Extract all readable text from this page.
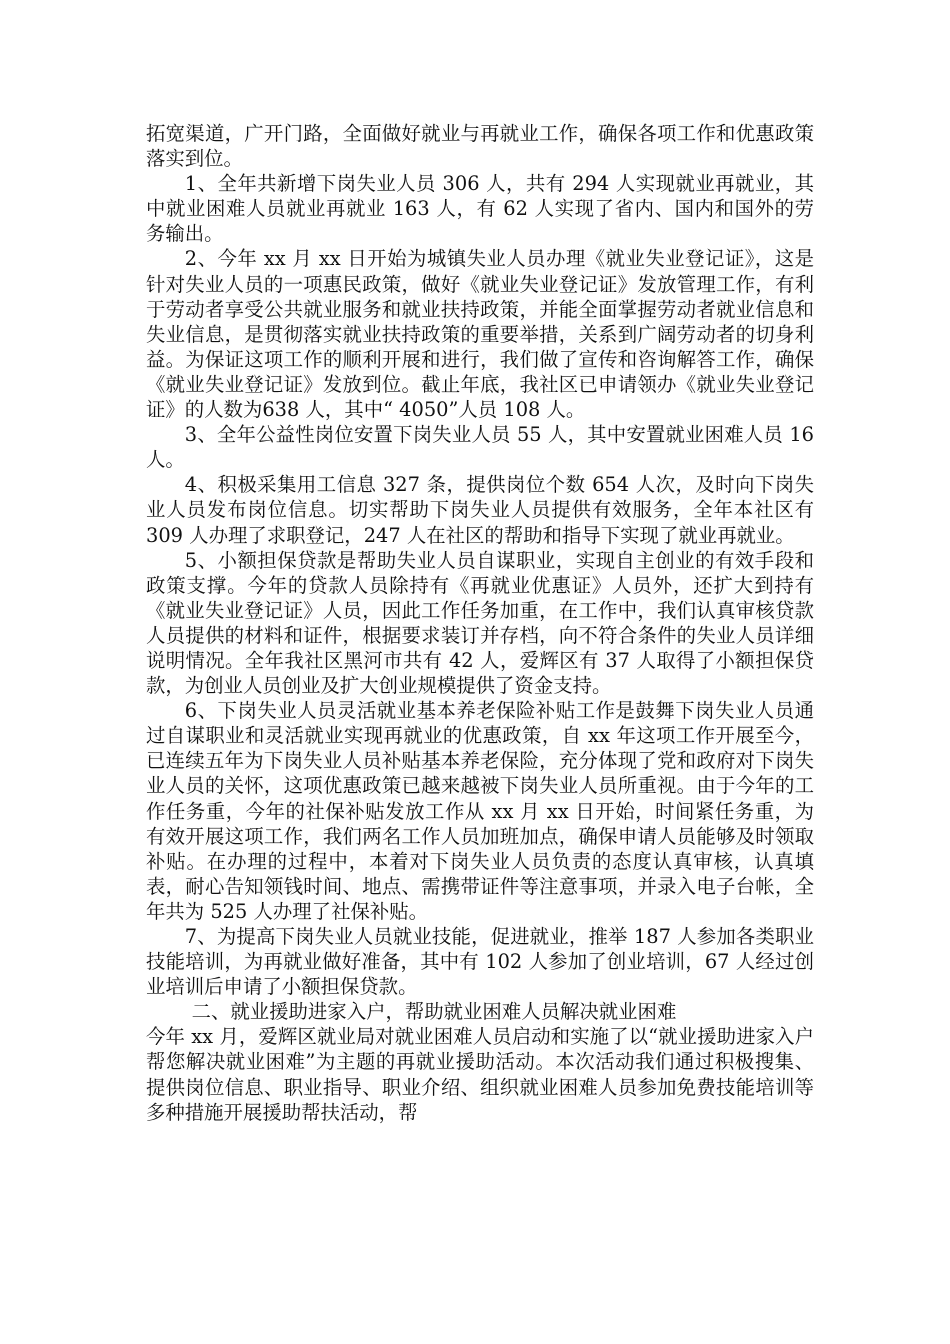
拓宽渠道，广开门路，全面做好就业与再就业工作，确保各项工作和优惠政策落实到位。

1、全年共新增下岗失业人员 306 人，共有 294 人实现就业再就业，其中就业困难人员就业再就业 163 人，有 62 人实现了省内、国内和国外的劳务输出。

2、今年 xx 月 xx 日开始为城镇失业人员办理《就业失业登记证》，这是针对失业人员的一项惠民政策，做好《就业失业登记证》发放管理工作，有利于劳动者享受公共就业服务和就业扶持政策，并能全面掌握劳动者就业信息和失业信息，是贯彻落实就业扶持政策的重要举措，关系到广阔劳动者的切身利益。为保证这项工作的顺利开展和进行，我们做了宣传和咨询解答工作，确保《就业失业登记证》发放到位。截止年底，我社区已申请领办《就业失业登记证》的人数为638 人，其中“ 4050”人员 108 人。

3、全年公益性岗位安置下岗失业人员 55 人，其中安置就业困难人员 16 人。

4、积极采集用工信息 327 条，提供岗位个数 654 人次，及时向下岗失业人员发布岗位信息。切实帮助下岗失业人员提供有效服务，全年本社区有 309 人办理了求职登记，247 人在社区的帮助和指导下实现了就业再就业。

5、小额担保贷款是帮助失业人员自谋职业，实现自主创业的有效手段和政策支撑。今年的贷款人员除持有《再就业优惠证》人员外，还扩大到持有《就业失业登记证》人员，因此工作任务加重，在工作中，我们认真审核贷款人员提供的材料和证件，根据要求装订并存档，向不符合条件的失业人员详细说明情况。全年我社区黑河市共有 42 人，爱辉区有 37 人取得了小额担保贷款，为创业人员创业及扩大创业规模提供了资金支持。

6、下岗失业人员灵活就业基本养老保险补贴工作是鼓舞下岗失业人员通过自谋职业和灵活就业实现再就业的优惠政策，自 xx 年这项工作开展至今，已连续五年为下岗失业人员补贴基本养老保险，充分体现了党和政府对下岗失业人员的关怀，这项优惠政策已越来越被下岗失业人员所重视。由于今年的工作任务重，今年的社保补贴发放工作从 xx 月 xx 日开始，时间紧任务重，为有效开展这项工作，我们两名工作人员加班加点，确保申请人员能够及时领取补贴。在办理的过程中，本着对下岗失业人员负责的态度认真审核，认真填表，耐心告知领钱时间、地点、需携带证件等注意事项，并录入电子台帐，全年共为 525 人办理了社保补贴。

7、为提高下岗失业人员就业技能，促进就业，推举 187 人参加各类职业技能培训，为再就业做好准备，其中有 102 人参加了创业培训，67 人经过创业培训后申请了小额担保贷款。

二、就业援助进家入户，帮助就业困难人员解决就业困难

今年 xx 月，爱辉区就业局对就业困难人员启动和实施了以“就业援助进家入户 帮您解决就业困难”为主题的再就业援助活动。本次活动我们通过积极搜集、提供岗位信息、职业指导、职业介绍、组织就业困难人员参加免费技能培训等多种措施开展援助帮扶活动，帮
